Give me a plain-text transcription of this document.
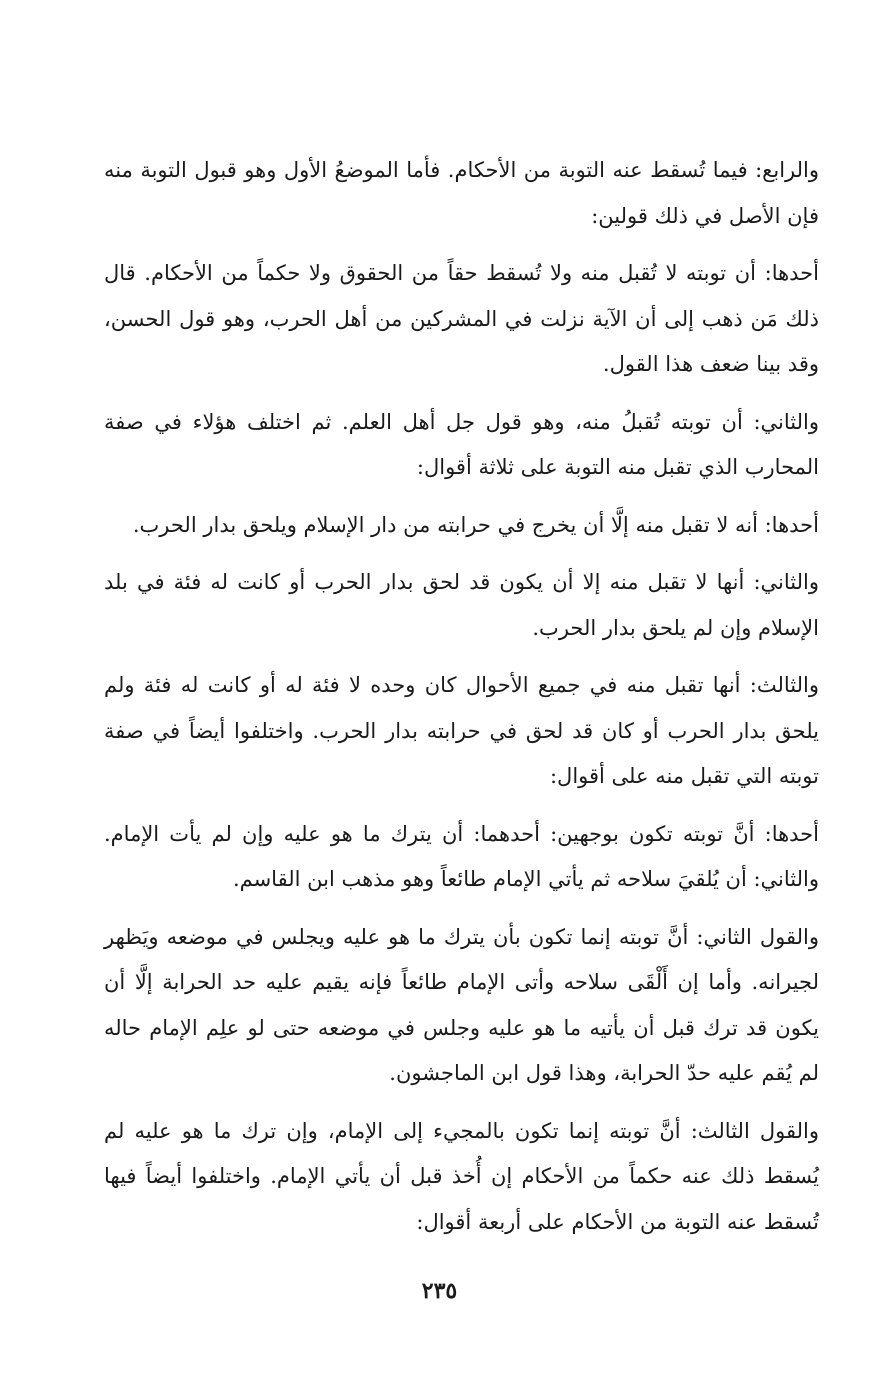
والرابع: فيما تُسقط عنه التوبة من الأحكام. فأما الموضعُ الأول وهو قبول التوبة منه فإن الأصل في ذلك قولين:

أحدها: أن توبته لا تُقبل منه ولا تُسقط حقاً من الحقوق ولا حكماً من الأحكام. قال ذلك مَن ذهب إلى أن الآية نزلت في المشركين من أهل الحرب، وهو قول الحسن، وقد بينا ضعف هذا القول.

والثاني: أن توبته تُقبلُ منه، وهو قول جل أهل العلم. ثم اختلف هؤلاء في صفة المحارب الذي تقبل منه التوبة على ثلاثة أقوال:

أحدها: أنه لا تقبل منه إلَّا أن يخرج في حرابته من دار الإسلام ويلحق بدار الحرب.

والثاني: أنها لا تقبل منه إلا أن يكون قد لحق بدار الحرب أو كانت له فئة في بلد الإسلام وإن لم يلحق بدار الحرب.

والثالث: أنها تقبل منه في جميع الأحوال كان وحده لا فئة له أو كانت له فئة ولم يلحق بدار الحرب أو كان قد لحق في حرابته بدار الحرب. واختلفوا أيضاً في صفة توبته التي تقبل منه على أقوال:

أحدها: أنَّ توبته تكون بوجهين: أحدهما: أن يترك ما هو عليه وإن لم يأت الإمام. والثاني: أن يُلقيَ سلاحه ثم يأتي الإمام طائعاً وهو مذهب ابن القاسم.

والقول الثاني: أنَّ توبته إنما تكون بأن يترك ما هو عليه ويجلس في موضعه ويَظهر لجيرانه. وأما إن أَلْقَى سلاحه وأتى الإمام طائعاً فإنه يقيم عليه حد الحرابة إلَّا أن يكون قد ترك قبل أن يأتيه ما هو عليه وجلس في موضعه حتى لو علِم الإمام حاله لم يُقم عليه حدّ الحرابة، وهذا قول ابن الماجشون.

والقول الثالث: أنَّ توبته إنما تكون بالمجيء إلى الإمام، وإن ترك ما هو عليه لم يُسقط ذلك عنه حكماً من الأحكام إن أُخذ قبل أن يأتي الإمام. واختلفوا أيضاً فيها تُسقط عنه التوبة من الأحكام على أربعة أقوال:

٢٣٥
